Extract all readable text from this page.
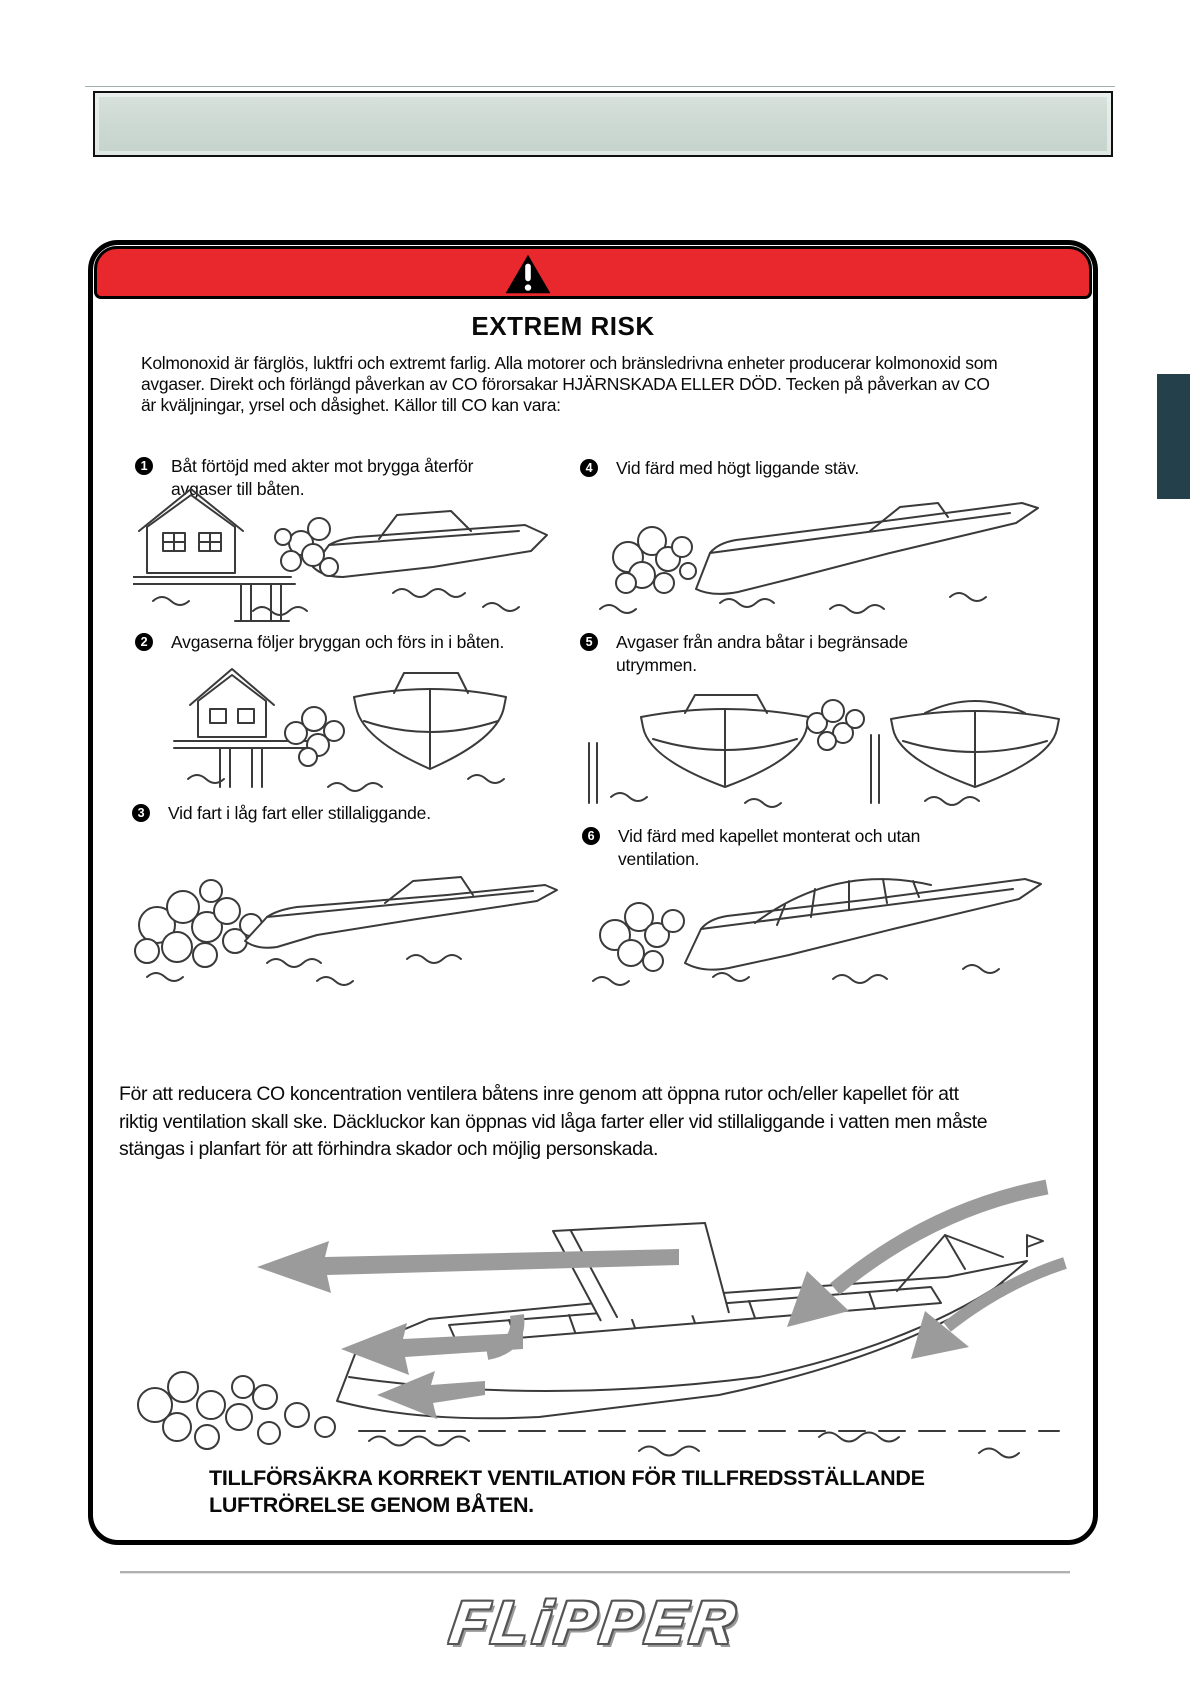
EXTREM RISK

Kolmonoxid är färglös, luktfri och extremt farlig. Alla motorer och bränsledrivna enheter producerar kolmonoxid som avgaser. Direkt och förlängd påverkan av CO förorsakar HJÄRNSKADA ELLER DÖD. Tecken på påverkan av CO är kväljningar, yrsel och dåsighet. Källor till CO kan vara:

1	Båt förtöjd med akter mot brygga återför avgaser till båten.
4	Vid färd med högt liggande stäv.
2	Avgaserna följer bryggan och förs in i båten.	5	Avgaser från andra båtar i begränsade utrymmen.
3	Vid fart i låg fart eller stillaliggande.
6	Vid färd med kapellet monterat och utan ventilation.

För att reducera CO koncentration ventilera båtens inre genom att öppna rutor och/eller kapellet för att riktig ventilation skall ske. Däckluckor kan öppnas vid låga farter eller vid stillaliggande i vatten men måste stängas i planfart för att förhindra skador och möjlig personskada.

TILLFÖRSÄKRA KORREKT VENTILATION FÖR TILLFREDSSTÄLLANDE LUFTRÖRELSE GENOM BÅTEN.

FLiPPER
